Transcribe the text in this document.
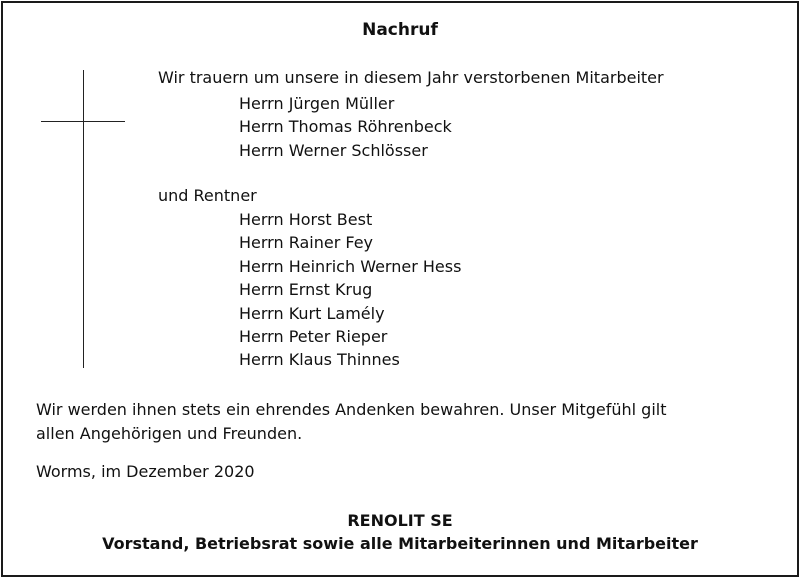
Nachruf
Wir trauern um unsere in diesem Jahr verstorbenen Mitarbeiter
Herrn Jürgen Müller
Herrn Thomas Röhrenbeck
Herrn Werner Schlösser
und Rentner
Herrn Horst Best
Herrn Rainer Fey
Herrn Heinrich Werner Hess
Herrn Ernst Krug
Herrn Kurt Lamély
Herrn Peter Rieper
Herrn Klaus Thinnes

Wir werden ihnen stets ein ehrendes Andenken bewahren. Unser Mitgefühl gilt

allen Angehörigen und Freunden.

Worms, im Dezember 2020
RENOLIT SE
Vorstand, Betriebsrat sowie alle Mitarbeiterinnen und Mitarbeiter
